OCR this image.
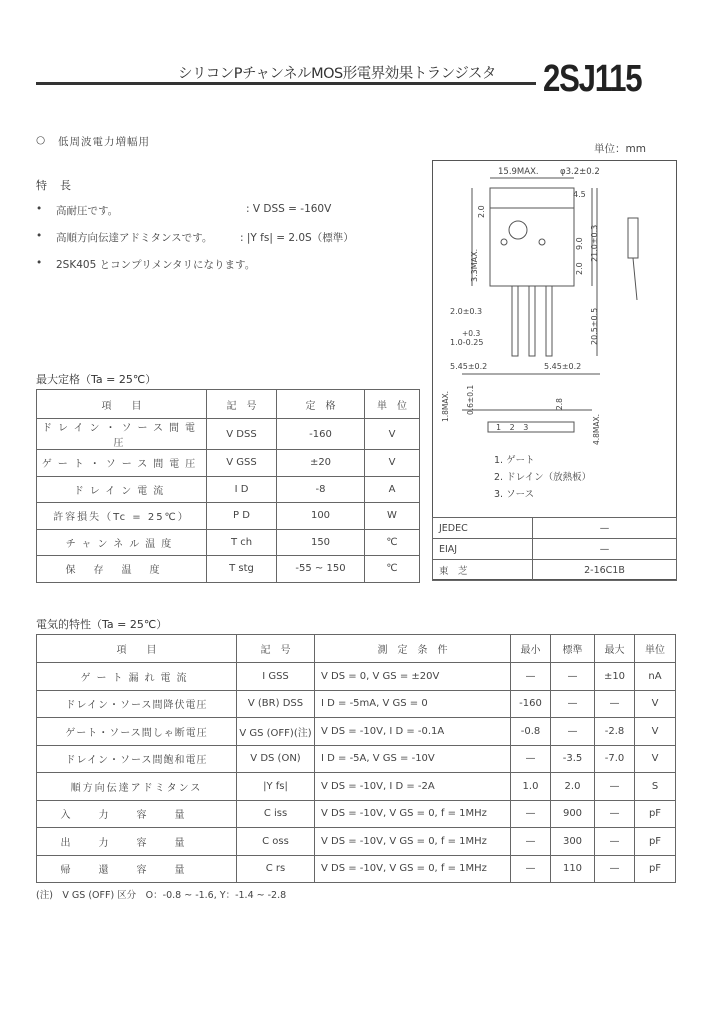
シリコンPチャンネルMOS形電界効果トランジスタ 2SJ115
○ 低周波電力増幅用
単位：mm
特　長
• 高耐圧です。	: V DSS = -160V
• 高順方向伝達アドミタンスです。	: |Y fs| = 2.0S（標準）
• 2SK405 とコンプリメンタリになります。
15.9MAX.	φ3.2±0.2
2.0
4.5
3.3MAX.
21.0±0.3
9.0
2.0
2.0±0.3
+0.3
1.0-0.25	20.5±0.5
5.45±0.2	5.45±0.2
0.6±0.1
1.8MAX.	2.8
4.8MAX.
1 2 3
1. ゲート
2. ドレイン（放熱板）
3. ソース
JEDEC	—
EIAJ	—
東　芝	2-16C1B
最大定格（Ta = 25℃）
項　　目	記　号	定　格	単　位
ドレイン・ソース間電圧	V DSS	-160	V
ゲート・ソース間電圧	V GSS	±20	V
ドレイン電流	I D	-8	A
許容損失（Tc = 25℃）	P D	100	W
チャンネル温度	T ch	150	℃
保存温度	T stg	-55 ~ 150	℃
電気的特性（Ta = 25℃）
項　　目	記　号	測　定　条　件	最小	標準	最大	単位
ゲート漏れ電流	I GSS	V DS = 0, V GS = ±20V	—	—	±10	nA
ドレイン・ソース間降伏電圧	V (BR) DSS	I D = -5mA, V GS = 0	-160	—	—	V
ゲート・ソース間しゃ断電圧	V GS (OFF)(注)	V DS = -10V, I D = -0.1A	-0.8	—	-2.8	V
ドレイン・ソース間飽和電圧	V DS (ON)	I D = -5A, V GS = -10V	—	-3.5	-7.0	V
順方向伝達アドミタンス	|Y fs|	V DS = -10V, I D = -2A	1.0	2.0	—	S
入力容量	C iss	V DS = -10V, V GS = 0, f = 1MHz	—	900	—	pF
出力容量	C oss	V DS = -10V, V GS = 0, f = 1MHz	—	300	—	pF
帰還容量	C rs	V DS = -10V, V GS = 0, f = 1MHz	—	110	—	pF
(注)　V GS (OFF) 区分　O：-0.8 ~ -1.6, Y：-1.4 ~ -2.8
